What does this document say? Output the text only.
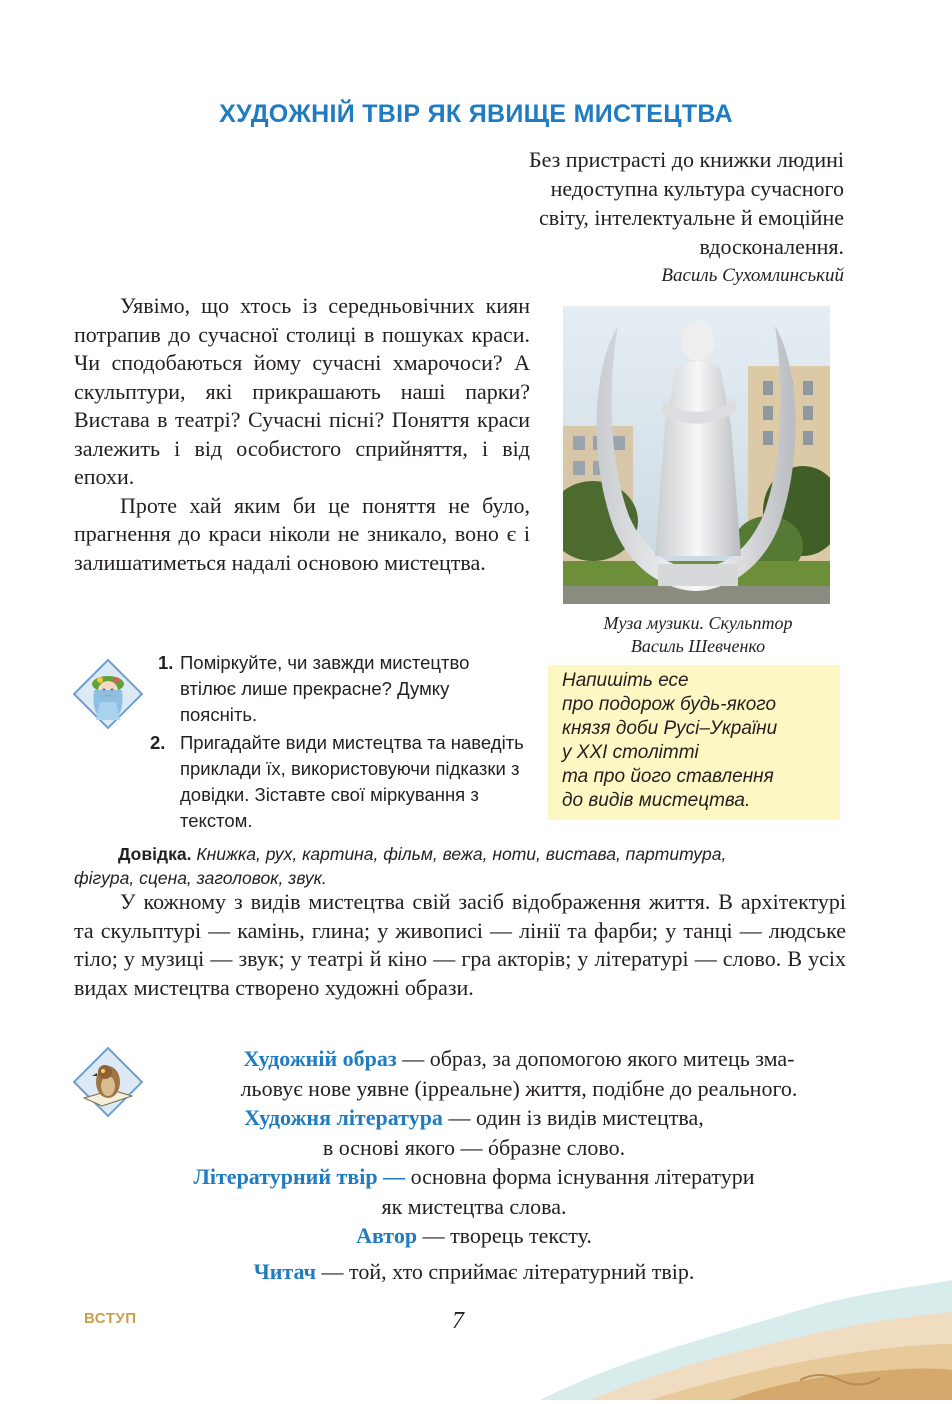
ХУДОЖНІЙ ТВІР ЯК ЯВИЩЕ МИСТЕЦТВА
Без пристрасті до книжки людині
недоступна культура сучасного
світу, інтелектуальне й емоційне
вдосконалення.
Василь Сухомлинський

Уявімо, що хтось із середньовічних киян потрапив до сучасної столиці в пошуках краси. Чи сподобаються йому сучасні хмарочоси? А скульптури, які прикрашають наші парки? Вистава в театрі? Сучасні пісні? Поняття краси залежить і від особистого сприйняття, і від епохи.

Проте хай яким би це поняття не було, прагнення до краси ніколи не зникало, воно є і залишатиметься надалі основою мистецтва.

Муза музики. Скульптор
Василь Шевченко
1. Поміркуйте, чи завжди мистецтво втілює лише прекрасне? Думку поясніть.
2. Пригадайте види мистецтва та наведіть приклади їх, використовуючи підказки з довідки. Зіставте свої міркування з текстом.
Напишіть есе
про подорож будь-якого
князя доби Русі–України
у ХХІ столітті
та про його ставлення
до видів мистецтва.
Довідка. Книжка, рух, картина, фільм, вежа, ноти, вистава, партитура,
фігура, сцена, заголовок, звук.

У кожному з видів мистецтва свій засіб відображення життя. В архітектурі та скульптурі — камінь, глина; у живописі — лінії та фарби; у танці — людське тіло; у музиці — звук; у театрі й кіно — гра акторів; у літературі — слово. В усіх видах мистецтва створено художні образи.

Художній образ — образ, за допомогою якого митець зма-
льовує нове уявне (ірреальне) життя, подібне до реального.
Художня література — один із видів мистецтва,
в основі якого — óбразне слово.
Літературний твір — основна форма існування літератури
як мистецтва слова.
Автор — творець тексту.
Читач — той, хто сприймає літературний твір.
ВСТУП	7
